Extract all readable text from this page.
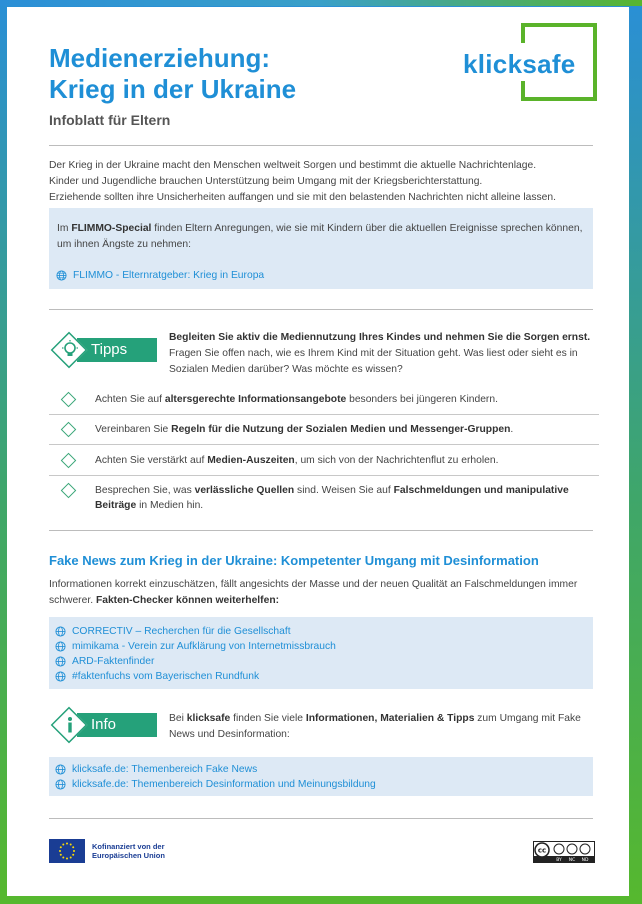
Medienerziehung:
Krieg in der Ukraine
Infoblatt für Eltern
klicksafe
Der Krieg in der Ukraine macht den Menschen weltweit Sorgen und bestimmt die aktuelle Nachrichtenlage.
Kinder und Jugendliche brauchen Unterstützung beim Umgang mit der Kriegsberichterstattung.
Erziehende sollten ihre Unsicherheiten auffangen und sie mit den belastenden Nachrichten nicht alleine lassen.
Im FLIMMO-Special finden Eltern Anregungen, wie sie mit Kindern über die aktuellen Ereignisse sprechen können, um ihnen Ängste zu nehmen:
FLIMMO - Elternratgeber: Krieg in Europa
Tipps
Begleiten Sie aktiv die Mediennutzung Ihres Kindes und nehmen Sie die Sorgen ernst. Fragen Sie offen nach, wie es Ihrem Kind mit der Situation geht. Was liest oder sieht es in Sozialen Medien darüber? Was möchte es wissen?
Achten Sie auf altersgerechte Informationsangebote besonders bei jüngeren Kindern.
Vereinbaren Sie Regeln für die Nutzung der Sozialen Medien und Messenger-Gruppen.
Achten Sie verstärkt auf Medien-Auszeiten, um sich von der Nachrichtenflut zu erholen.
Besprechen Sie, was verlässliche Quellen sind. Weisen Sie auf Falschmeldungen und manipulative Beiträge in Medien hin.
Fake News zum Krieg in der Ukraine: Kompetenter Umgang mit Desinformation
Informationen korrekt einzuschätzen, fällt angesichts der Masse und der neuen Qualität an Falschmeldungen immer schwerer. Fakten-Checker können weiterhelfen:
CORRECTIV – Recherchen für die Gesellschaft
mimikama - Verein zur Aufklärung von Internetmissbrauch
ARD-Faktenfinder
#faktenfuchs vom Bayerischen Rundfunk
Info	Bei klicksafe finden Sie viele Informationen, Materialien & Tipps zum Umgang mit Fake News und Desinformation:
klicksafe.de: Themenbereich Fake News
klicksafe.de: Themenbereich Desinformation und Meinungsbildung
Kofinanziert von der
Europäischen Union
cc
BY NC ND
